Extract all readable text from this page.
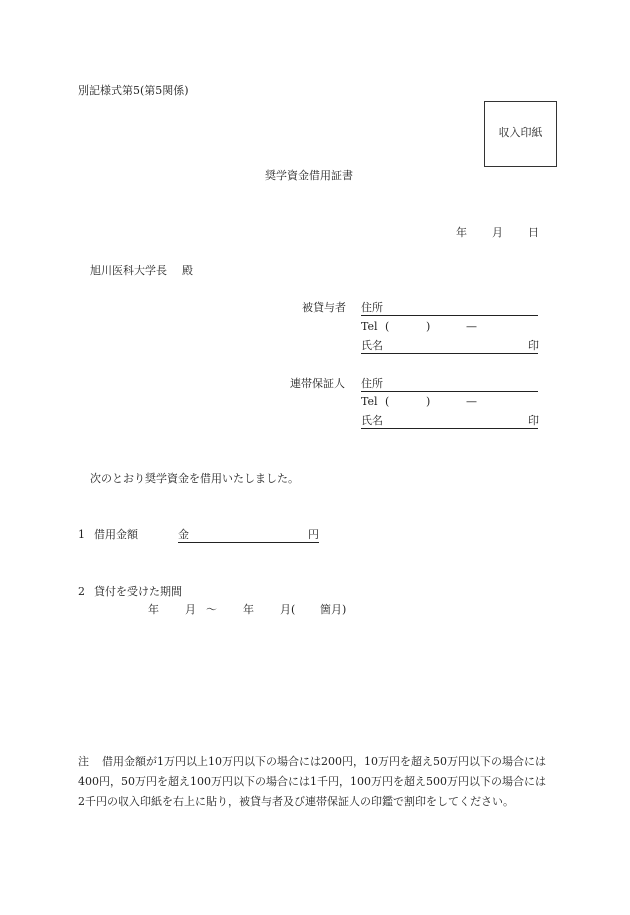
別記様式第5(第5関係)
収入印紙
奨学資金借用証書
年 月 日
旭川医科大学長 殿
被貸与者 住所
Tel (	)	—
氏名	印
連帯保証人 住所
Tel (	)	—
氏名	印
次のとおり奨学資金を借用いたしました。
1 借用金額	金	円
2 貸付を受けた期間
年 月 〜 年 月( 箇月)
注	借用金額が1万円以上10万円以下の場合には200円，10万円を超え50万円以下の場合には400円，50万円を超え100万円以下の場合には1千円，100万円を超え500万円以下の場合には2千円の収入印紙を右上に貼り，被貸与者及び連帯保証人の印鑑で割印をしてください。
